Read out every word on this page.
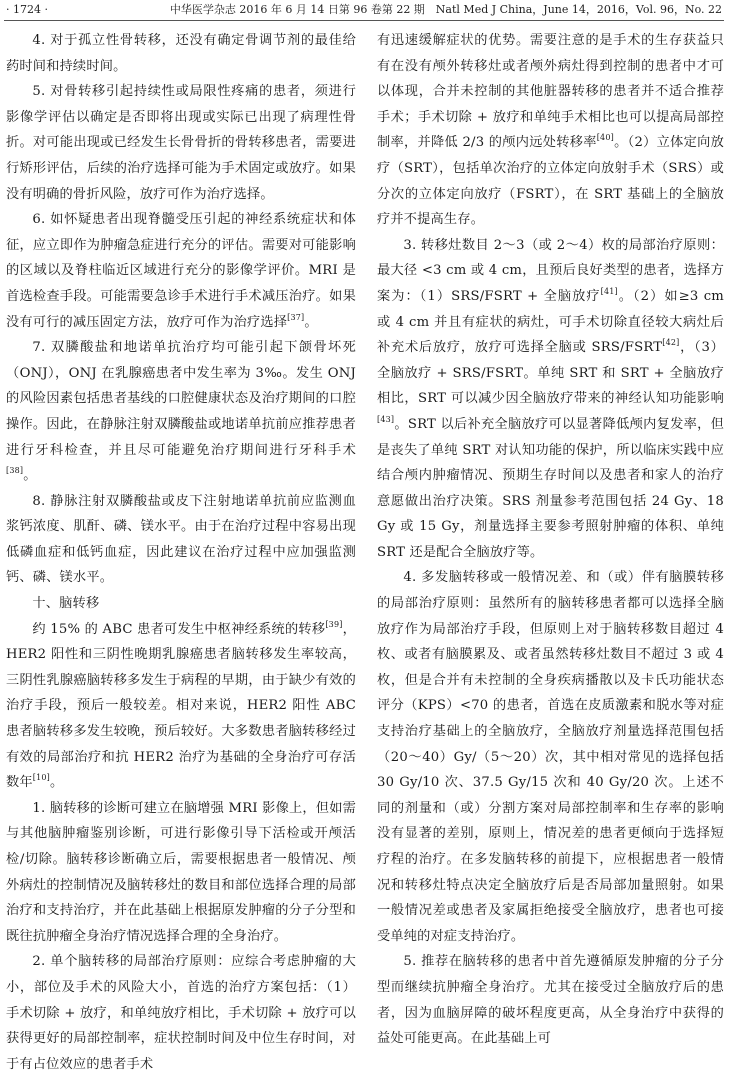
· 1724 ·	中华医学杂志 2016 年 6 月 14 日第 96 卷第 22 期　Natl Med J China，June 14，2016，Vol. 96，No. 22

4. 对于孤立性骨转移，还没有确定骨调节剂的最佳给药时间和持续时间。

5. 对骨转移引起持续性或局限性疼痛的患者，须进行影像学评估以确定是否即将出现或实际已出现了病理性骨折。对可能出现或已经发生长骨骨折的骨转移患者，需要进行矫形评估，后续的治疗选择可能为手术固定或放疗。如果没有明确的骨折风险，放疗可作为治疗选择。

6. 如怀疑患者出现脊髓受压引起的神经系统症状和体征，应立即作为肿瘤急症进行充分的评估。需要对可能影响的区域以及脊柱临近区域进行充分的影像学评价。MRI 是首选检查手段。可能需要急诊手术进行手术减压治疗。如果没有可行的减压固定方法，放疗可作为治疗选择[37]。

7. 双膦酸盐和地诺单抗治疗均可能引起下颌骨坏死（ONJ），ONJ 在乳腺癌患者中发生率为 3‰。发生 ONJ 的风险因素包括患者基线的口腔健康状态及治疗期间的口腔操作。因此，在静脉注射双膦酸盐或地诺单抗前应推荐患者进行牙科检查，并且尽可能避免治疗期间进行牙科手术[38]。

8. 静脉注射双膦酸盐或皮下注射地诺单抗前应监测血浆钙浓度、肌酐、磷、镁水平。由于在治疗过程中容易出现低磷血症和低钙血症，因此建议在治疗过程中应加强监测钙、磷、镁水平。

十、脑转移

约 15% 的 ABC 患者可发生中枢神经系统的转移[39]，HER2 阳性和三阴性晚期乳腺癌患者脑转移发生率较高，三阴性乳腺癌脑转移多发生于病程的早期，由于缺少有效的治疗手段，预后一般较差。相对来说，HER2 阳性 ABC 患者脑转移多发生较晚，预后较好。大多数患者脑转移经过有效的局部治疗和抗 HER2 治疗为基础的全身治疗可存活数年[10]。

1. 脑转移的诊断可建立在脑增强 MRI 影像上，但如需与其他脑肿瘤鉴别诊断，可进行影像引导下活检或开颅活检/切除。脑转移诊断确立后，需要根据患者一般情况、颅外病灶的控制情况及脑转移灶的数目和部位选择合理的局部治疗和支持治疗，并在此基础上根据原发肿瘤的分子分型和既往抗肿瘤全身治疗情况选择合理的全身治疗。

2. 单个脑转移的局部治疗原则：应综合考虑肿瘤的大小，部位及手术的风险大小，首选的治疗方案包括：（1）手术切除 + 放疗，和单纯放疗相比，手术切除 + 放疗可以获得更好的局部控制率，症状控制时间及中位生存时间，对于有占位效应的患者手术

有迅速缓解症状的优势。需要注意的是手术的生存获益只有在没有颅外转移灶或者颅外病灶得到控制的患者中才可以体现，合并未控制的其他脏器转移的患者并不适合推荐手术；手术切除 + 放疗和单纯手术相比也可以提高局部控制率，并降低 2/3 的颅内远处转移率[40]。（2）立体定向放疗（SRT），包括单次治疗的立体定向放射手术（SRS）或分次的立体定向放疗（FSRT），在 SRT 基础上的全脑放疗并不提高生存。

3. 转移灶数目 2～3（或 2～4）枚的局部治疗原则：最大径 <3 cm 或 4 cm，且预后良好类型的患者，选择方案为：（1）SRS/FSRT + 全脑放疗[41]。（2）如≥3 cm 或 4 cm 并且有症状的病灶，可手术切除直径较大病灶后补充术后放疗，放疗可选择全脑或 SRS/FSRT[42]，（3）全脑放疗 + SRS/FSRT。单纯 SRT 和 SRT + 全脑放疗相比，SRT 可以减少因全脑放疗带来的神经认知功能影响[43]。SRT 以后补充全脑放疗可以显著降低颅内复发率，但是丧失了单纯 SRT 对认知功能的保护，所以临床实践中应结合颅内肿瘤情况、预期生存时间以及患者和家人的治疗意愿做出治疗决策。SRS 剂量参考范围包括 24 Gy、18 Gy 或 15 Gy，剂量选择主要参考照射肿瘤的体积、单纯 SRT 还是配合全脑放疗等。

4. 多发脑转移或一般情况差、和（或）伴有脑膜转移的局部治疗原则：虽然所有的脑转移患者都可以选择全脑放疗作为局部治疗手段，但原则上对于脑转移数目超过 4 枚、或者有脑膜累及、或者虽然转移灶数目不超过 3 或 4 枚，但是合并有未控制的全身疾病播散以及卡氏功能状态评分（KPS）<70 的患者，首选在皮质激素和脱水等对症支持治疗基础上的全脑放疗，全脑放疗剂量选择范围包括（20～40）Gy/（5～20）次，其中相对常见的选择包括 30 Gy/10 次、37.5 Gy/15 次和 40 Gy/20 次。上述不同的剂量和（或）分割方案对局部控制率和生存率的影响没有显著的差别，原则上，情况差的患者更倾向于选择短疗程的治疗。在多发脑转移的前提下，应根据患者一般情况和转移灶特点决定全脑放疗后是否局部加量照射。如果一般情况差或患者及家属拒绝接受全脑放疗，患者也可接受单纯的对症支持治疗。

5. 推荐在脑转移的患者中首先遵循原发肿瘤的分子分型而继续抗肿瘤全身治疗。尤其在接受过全脑放疗后的患者，因为血脑屏障的破坏程度更高，从全身治疗中获得的益处可能更高。在此基础上可
